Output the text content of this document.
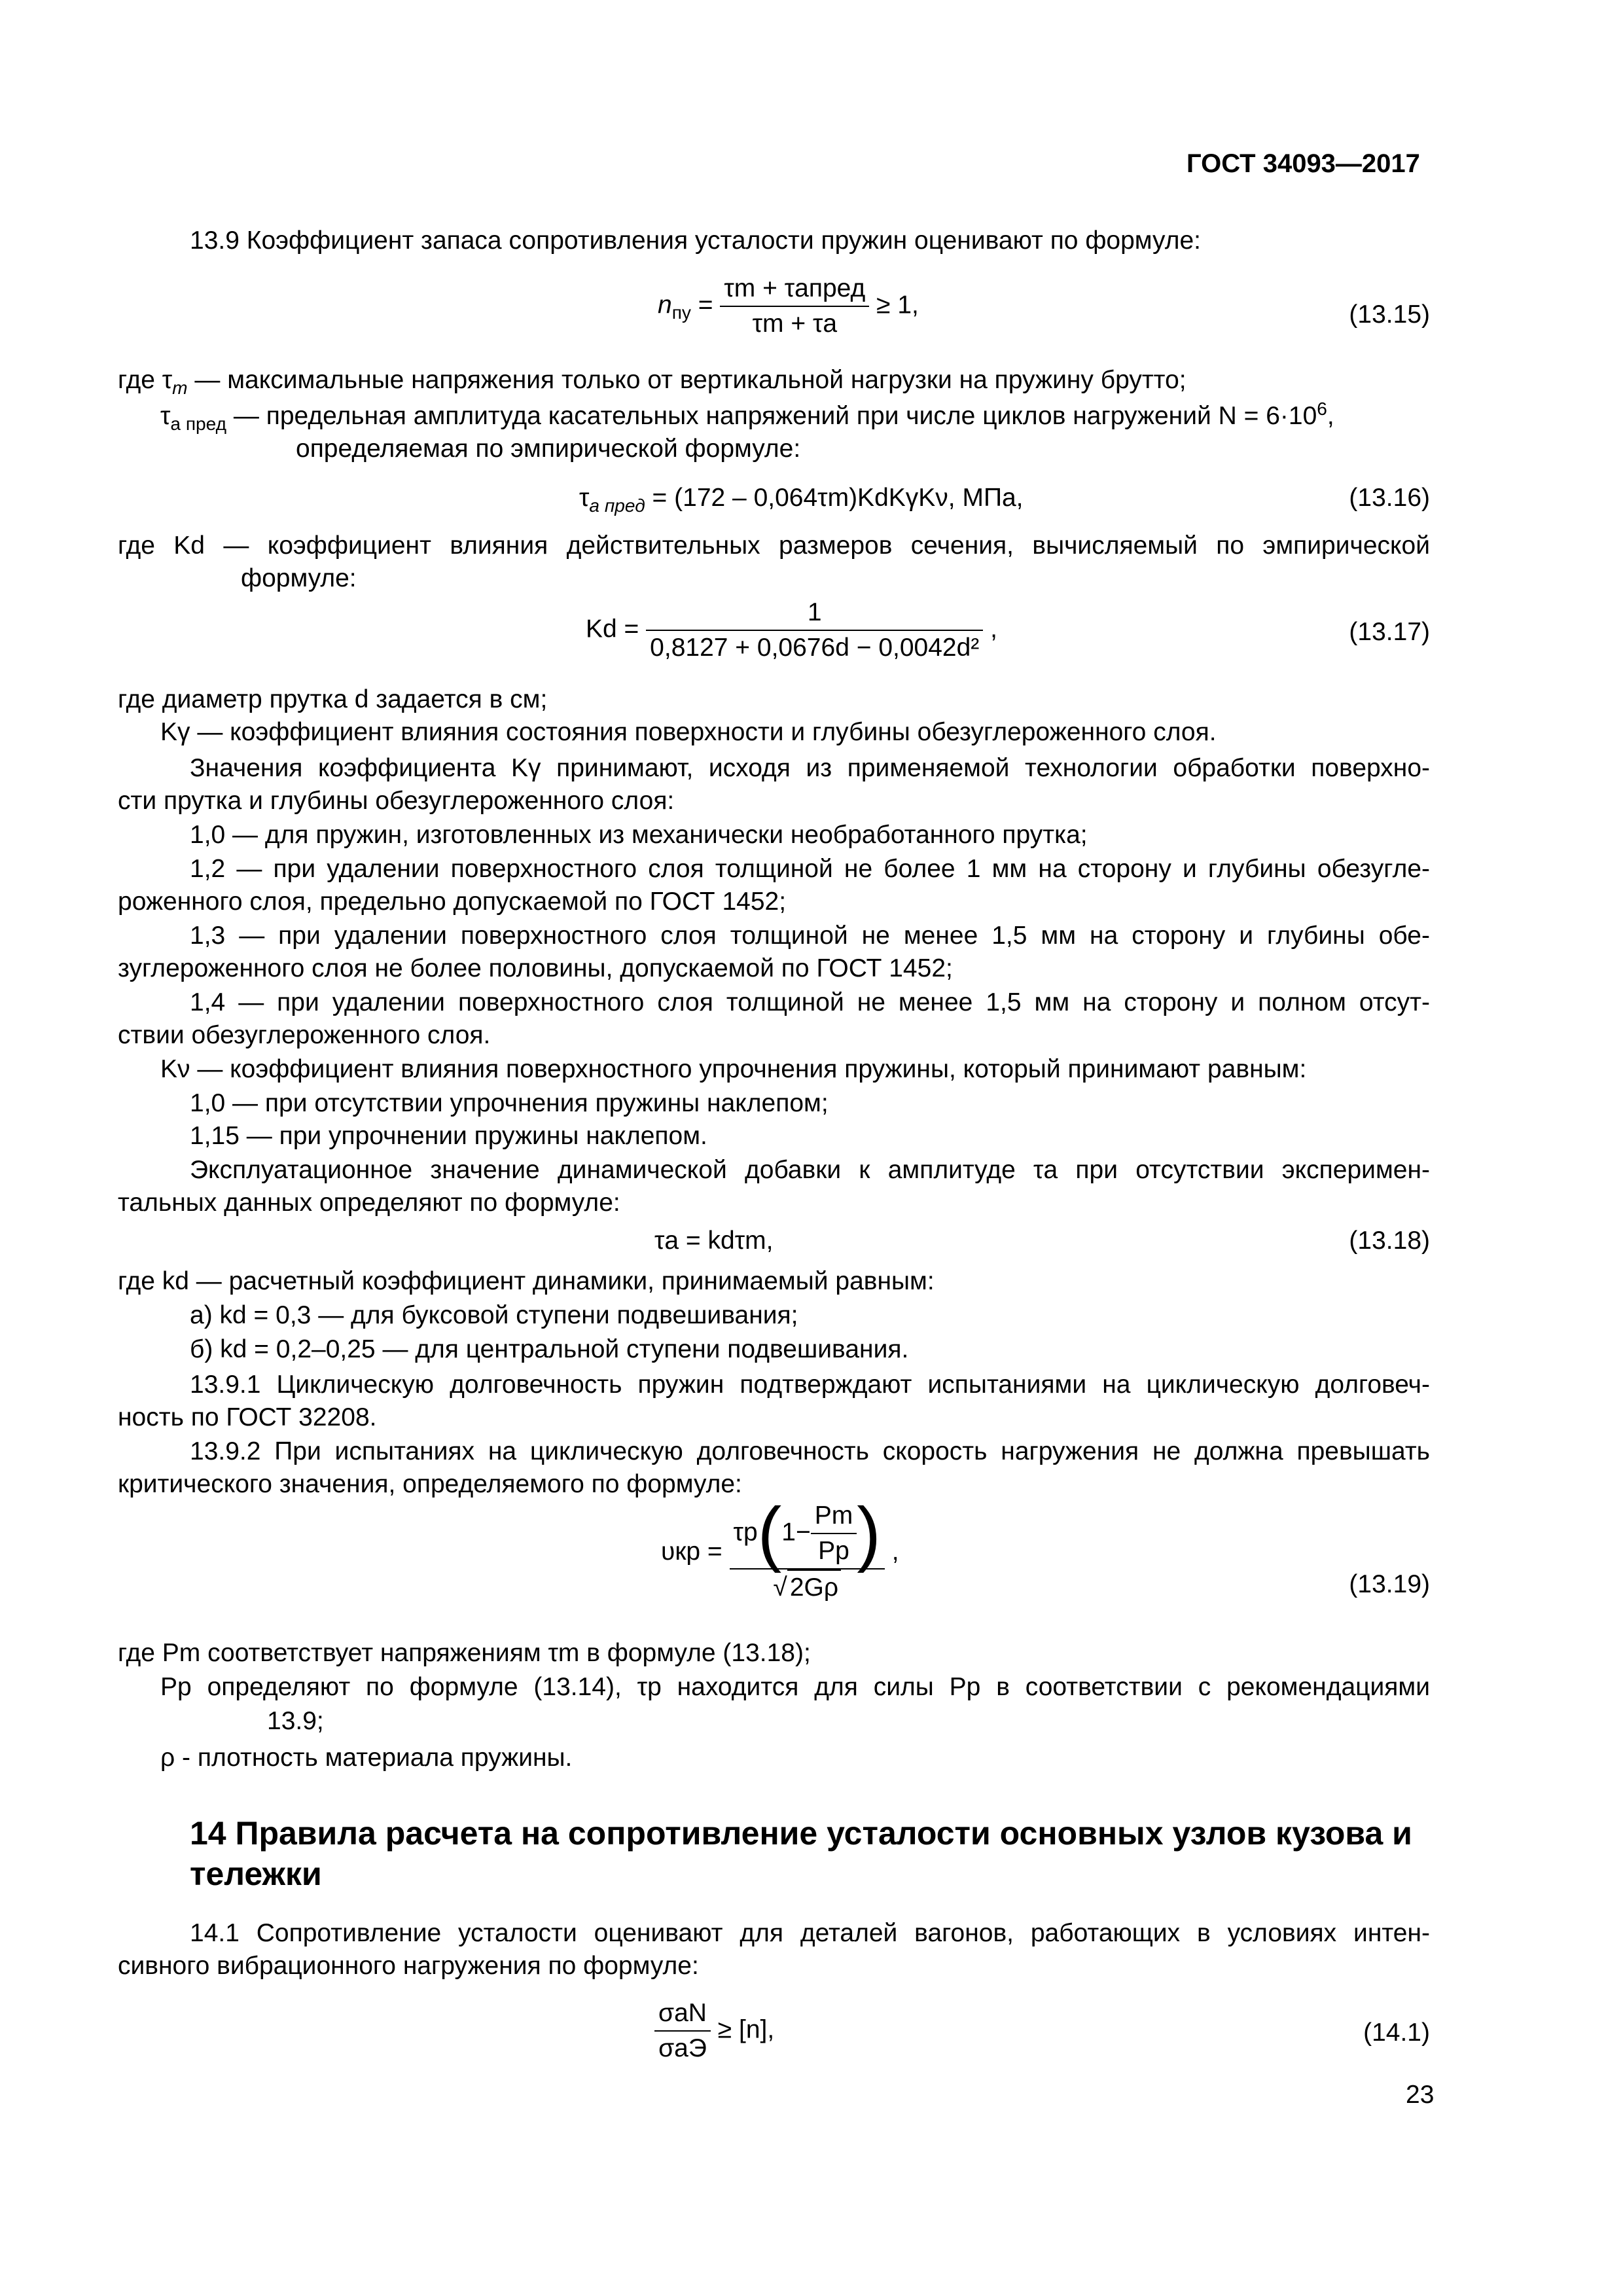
ГОСТ 34093—2017
13.9 Коэффициент запаса сопротивления усталости пружин оценивают по формуле:
$n_{пу} = \frac{\text{τm + τaпред}}{\tau m + \tau a} \ge 1$,	(13.15)
где $\tau_m$ — максимальные напряжения только от вертикальной нагрузки на пружину брутто;
$\tau_{a пред}$ — предельная амплитуда касательных напряжений при числе циклов нагружений $N = 6\cdot 10^6$,
определяемая по эмпирической формуле:
$\tau_{a пред} = (172 - 0,064\tau m)KdK\gamma K\nu$, МПа,	(13.16)
где Kd — коэффициент влияния действительных размеров сечения, вычисляемый по эмпирической
формуле:
$Kd = \frac{1}{\text{0,8127 + 0,0676d − 0,0042d²}}$ ,	(13.17)
где диаметр прутка d задается в см;
Kγ — коэффициент влияния состояния поверхности и глубины обезуглероженного слоя.
Значения коэффициента Kγ принимают, исходя из применяемой технологии обработки поверхно-
сти прутка и глубины обезуглероженного слоя:
1,0 — для пружин, изготовленных из механически необработанного прутка;
1,2 — при удалении поверхностного слоя толщиной не более 1 мм на сторону и глубины обезугле-
роженного слоя, предельно допускаемой по ГОСТ 1452;
1,3 — при удалении поверхностного слоя толщиной не менее 1,5 мм на сторону и глубины обе-
зуглероженного слоя не более половины, допускаемой по ГОСТ 1452;
1,4 — при удалении поверхностного слоя толщиной не менее 1,5 мм на сторону и полном отсут-
ствии обезуглероженного слоя.
Kν — коэффициент влияния поверхностного упрочнения пружины, который принимают равным:
1,0 — при отсутствии упрочнения пружины наклепом;
1,15 — при упрочнении пружины наклепом.
Эксплуатационное значение динамической добавки к амплитуде τa при отсутствии эксперимен-
тальных данных определяют по формуле:
τa = kdτm,	(13.18)
где kd — расчетный коэффициент динамики, принимаемый равным:
а) kd = 0,3 — для буксовой ступени подвешивания;
б) kd = 0,2–0,25 — для центральной ступени подвешивания.
13.9.1 Циклическую долговечность пружин подтверждают испытаниями на циклическую долговеч-
ность по ГОСТ 32208.
13.9.2 При испытаниях на циклическую долговечность скорость нагружения не должна превышать
критического значения, определяемого по формуле:
$\upsilon кр = \frac{\tau p(1- \frac{Pm}{Pp} )}{√ 2G\rho}$ ,
(13.19)
где Pm соответствует напряжениям τm в формуле (13.18);
Pp определяют по формуле (13.14), τp находится для силы Pp в соответствии с рекомендациями
13.9;
ρ - плотность материала пружины.
14 Правила расчета на сопротивление усталости основных узлов кузова и
тележки
14.1 Сопротивление усталости оценивают для деталей вагонов, работающих в условиях интен-
сивного вибрационного нагружения по формуле:
$\frac{\text{σaN}}{\text{σaЭ}} \ge [n]$,	(14.1)
23
